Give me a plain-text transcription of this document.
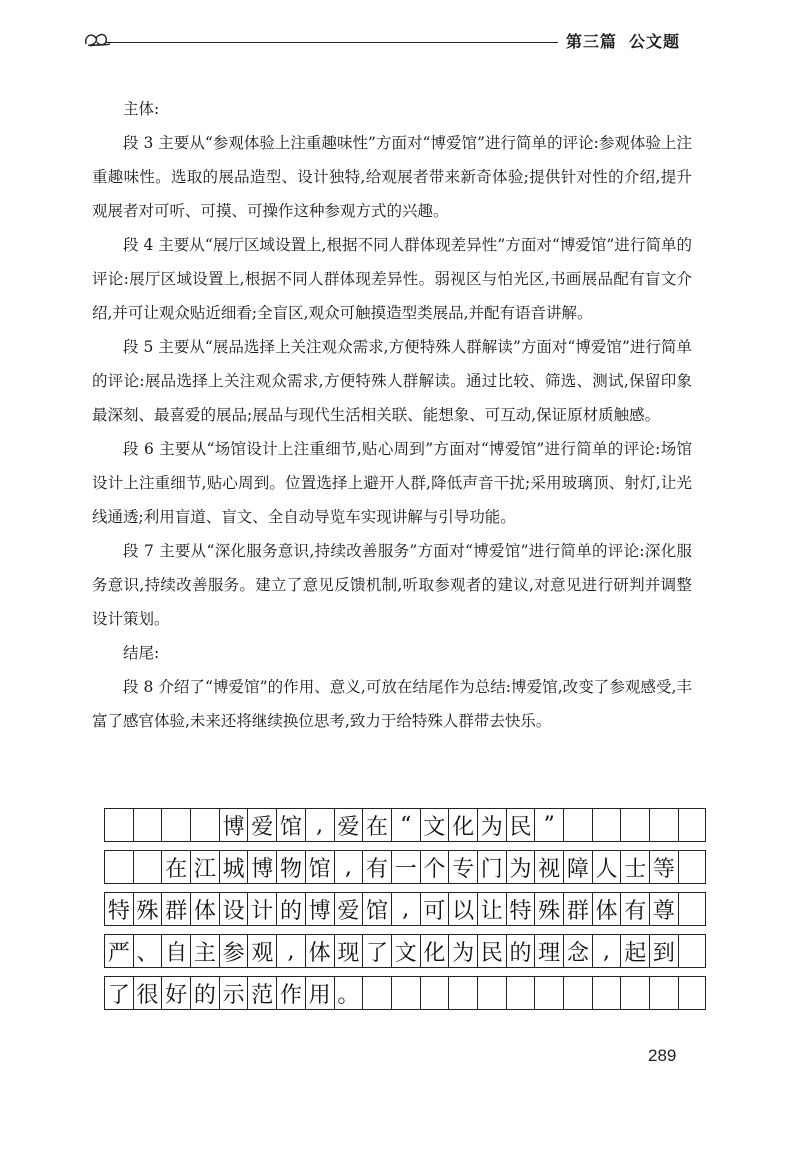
第三篇 公文题

主体:

段 3 主要从“参观体验上注重趣味性”方面对“博爱馆”进行简单的评论:参观体验上注重趣味性。选取的展品造型、设计独特,给观展者带来新奇体验;提供针对性的介绍,提升观展者对可听、可摸、可操作这种参观方式的兴趣。

段 4 主要从“展厅区域设置上,根据不同人群体现差异性”方面对“博爱馆”进行简单的评论:展厅区域设置上,根据不同人群体现差异性。弱视区与怕光区,书画展品配有盲文介绍,并可让观众贴近细看;全盲区,观众可触摸造型类展品,并配有语音讲解。

段 5 主要从“展品选择上关注观众需求,方便特殊人群解读”方面对“博爱馆”进行简单的评论:展品选择上关注观众需求,方便特殊人群解读。通过比较、筛选、测试,保留印象最深刻、最喜爱的展品;展品与现代生活相关联、能想象、可互动,保证原材质触感。

段 6 主要从“场馆设计上注重细节,贴心周到”方面对“博爱馆”进行简单的评论:场馆设计上注重细节,贴心周到。位置选择上避开人群,降低声音干扰;采用玻璃顶、射灯,让光线通透;利用盲道、盲文、全自动导览车实现讲解与引导功能。

段 7 主要从“深化服务意识,持续改善服务”方面对“博爱馆”进行简单的评论:深化服务意识,持续改善服务。建立了意见反馈机制,听取参观者的建议,对意见进行研判并调整设计策划。

结尾:

段 8 介绍了“博爱馆”的作用、意义,可放在结尾作为总结:博爱馆,改变了参观感受,丰富了感官体验,未来还将继续换位思考,致力于给特殊人群带去快乐。

博 爱 馆 , 爱 在 “ 文 化 为 民 ”
在 江 城 博 物 馆 , 有 一 个 专 门 为 视 障 人 士 等
特 殊 群 体 设 计 的 博 爱 馆 , 可 以 让 特 殊 群 体 有 尊
严 、 自 主 参 观 , 体 现 了 文 化 为 民 的 理 念 , 起 到
了 很 好 的 示 范 作 用 。
289
